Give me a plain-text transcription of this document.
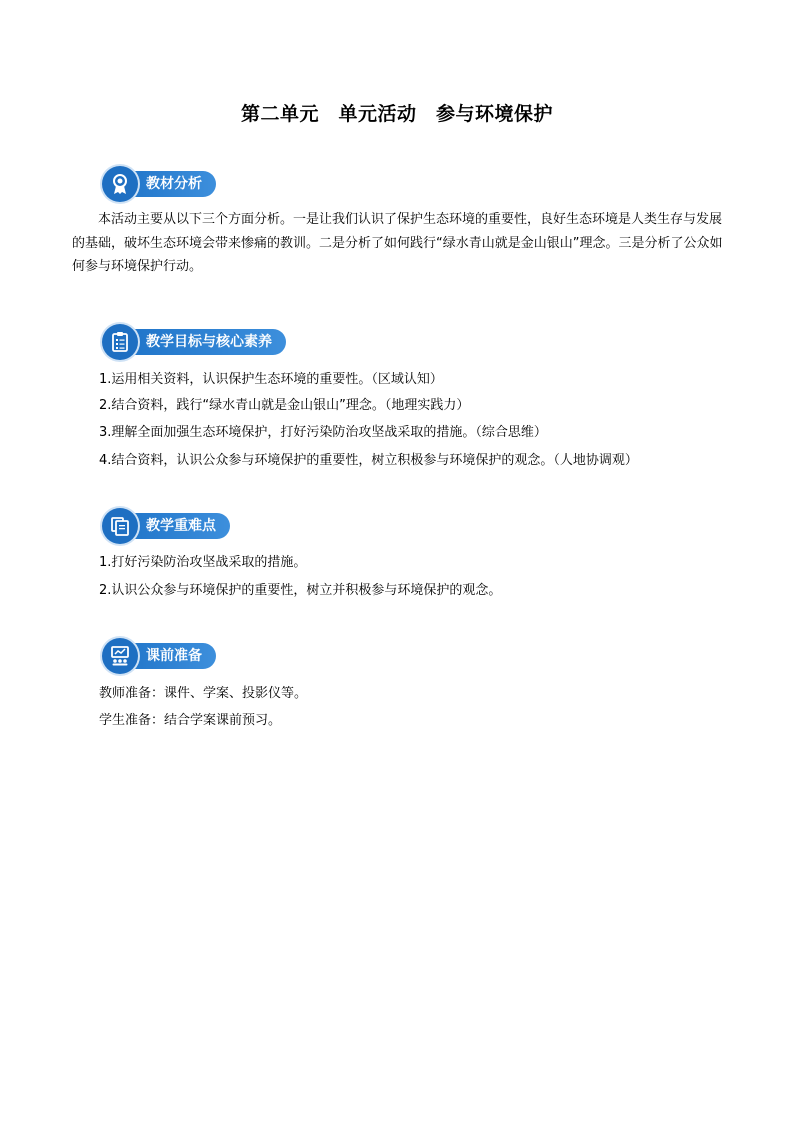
第二单元　单元活动　参与环境保护
教材分析
本活动主要从以下三个方面分析。一是让我们认识了保护生态环境的重要性，良好生态环境是人类生存与发展的基础，破坏生态环境会带来惨痛的教训。二是分析了如何践行“绿水青山就是金山银山”理念。三是分析了公众如何参与环境保护行动。
教学目标与核心素养
1.运用相关资料，认识保护生态环境的重要性。（区域认知）
2.结合资料，践行“绿水青山就是金山银山”理念。（地理实践力）
3.理解全面加强生态环境保护，打好污染防治攻坚战采取的措施。（综合思维）
4.结合资料，认识公众参与环境保护的重要性，树立积极参与环境保护的观念。（人地协调观）
教学重难点
1.打好污染防治攻坚战采取的措施。
2.认识公众参与环境保护的重要性，树立并积极参与环境保护的观念。
课前准备
教师准备：课件、学案、投影仪等。
学生准备：结合学案课前预习。
